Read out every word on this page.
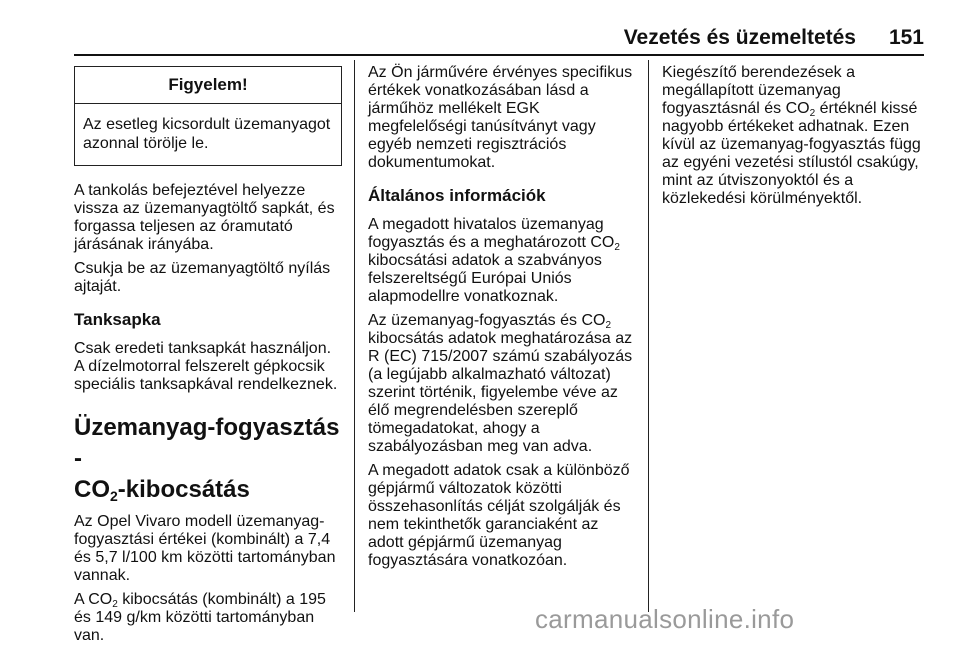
Vezetés és üzemeltetés 151
Figyelem!
Az esetleg kicsordult üzemanyagot azonnal törölje le.

A tankolás befejeztével helyezze vissza az üzemanyagtöltő sapkát, és forgassa teljesen az óramutató járásának irányába.

Csukja be az üzemanyagtöltő nyílás ajtaját.

Tanksapka

Csak eredeti tanksapkát használjon. A dízelmotorral felszerelt gépkocsik speciális tanksapkával rendelkeznek.

Üzemanyag-fogyasztás -
$CO_2$-kibocsátás

Az Opel Vivaro modell üzemanyag-fogyasztási értékei (kombinált) a 7,4 és 5,7 l/100 km közötti tartományban vannak.

A $CO_2$ kibocsátás (kombinált) a 195 és 149 g/km közötti tartományban van.

Az Ön járművére érvényes specifikus értékek vonatkozásában lásd a járműhöz mellékelt EGK megfelelőségi tanúsítványt vagy egyéb nemzeti regisztrációs dokumentumokat.

Általános információk

A megadott hivatalos üzemanyag fogyasztás és a meghatározott $CO_2$ kibocsátási adatok a szabványos felszereltségű Európai Uniós alapmodellre vonatkoznak.

Az üzemanyag-fogyasztás és $CO_2$ kibocsátás adatok meghatározása az R (EC) 715/2007 számú szabályozás (a legújabb alkalmazható változat) szerint történik, figyelembe véve az élő megrendelésben szereplő tömegadatokat, ahogy a szabályozásban meg van adva.

A megadott adatok csak a különböző gépjármű változatok közötti összehasonlítás célját szolgálják és nem tekinthetők garanciaként az adott gépjármű üzemanyag fogyasztására vonatkozóan.

Kiegészítő berendezések a megállapított üzemanyag fogyasztásnál és $CO_2$ értéknél kissé nagyobb értékeket adhatnak. Ezen kívül az üzemanyag-fogyasztás függ az egyéni vezetési stílustól csakúgy, mint az útviszonyoktól és a közlekedési körülményektől.

carmanualsonline.info
